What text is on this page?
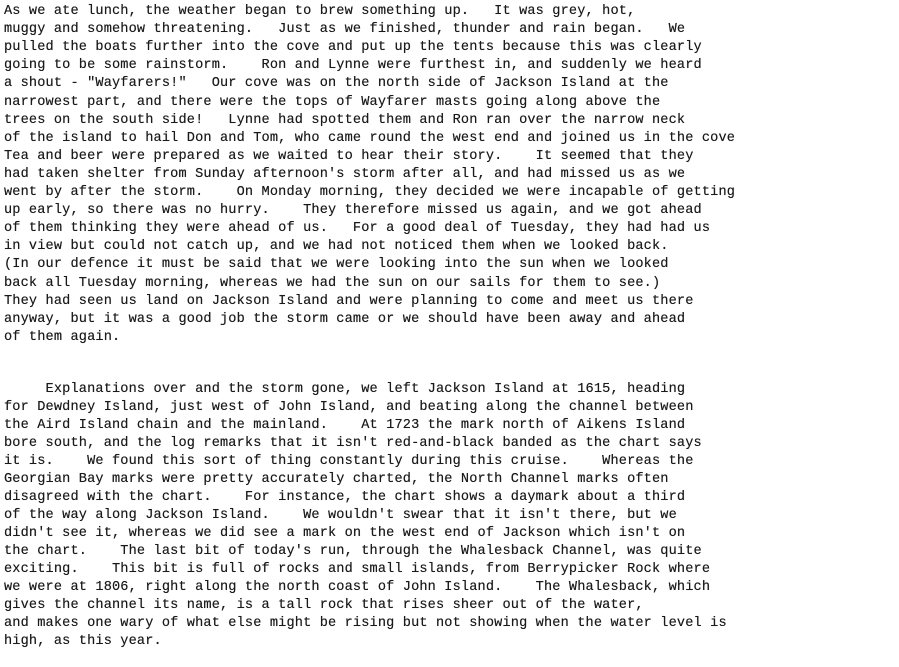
As we ate lunch, the weather began to brew something up.   It was grey, hot,
muggy and somehow threatening.   Just as we finished, thunder and rain began.   We
pulled the boats further into the cove and put up the tents because this was clearly
going to be some rainstorm.    Ron and Lynne were furthest in, and suddenly we heard
a shout - "Wayfarers!"   Our cove was on the north side of Jackson Island at the
narrowest part, and there were the tops of Wayfarer masts going along above the
trees on the south side!   Lynne had spotted them and Ron ran over the narrow neck
of the island to hail Don and Tom, who came round the west end and joined us in the cove
Tea and beer were prepared as we waited to hear their story.    It seemed that they
had taken shelter from Sunday afternoon's storm after all, and had missed us as we
went by after the storm.    On Monday morning, they decided we were incapable of getting
up early, so there was no hurry.    They therefore missed us again, and we got ahead
of them thinking they were ahead of us.   For a good deal of Tuesday, they had had us
in view but could not catch up, and we had not noticed them when we looked back.
(In our defence it must be said that we were looking into the sun when we looked
back all Tuesday morning, whereas we had the sun on our sails for them to see.)
They had seen us land on Jackson Island and were planning to come and meet us there
anyway, but it was a good job the storm came or we should have been away and ahead
of them again.
Explanations over and the storm gone, we left Jackson Island at 1615, heading
for Dewdney Island, just west of John Island, and beating along the channel between
the Aird Island chain and the mainland.    At 1723 the mark north of Aikens Island
bore south, and the log remarks that it isn't red-and-black banded as the chart says
it is.    We found this sort of thing constantly during this cruise.    Whereas the
Georgian Bay marks were pretty accurately charted, the North Channel marks often
disagreed with the chart.    For instance, the chart shows a daymark about a third
of the way along Jackson Island.    We wouldn't swear that it isn't there, but we
didn't see it, whereas we did see a mark on the west end of Jackson which isn't on
the chart.    The last bit of today's run, through the Whalesback Channel, was quite
exciting.    This bit is full of rocks and small islands, from Berrypicker Rock where
we were at 1806, right along the north coast of John Island.    The Whalesback, which
gives the channel its name, is a tall rock that rises sheer out of the water,
and makes one wary of what else might be rising but not showing when the water level is
high, as this year.
